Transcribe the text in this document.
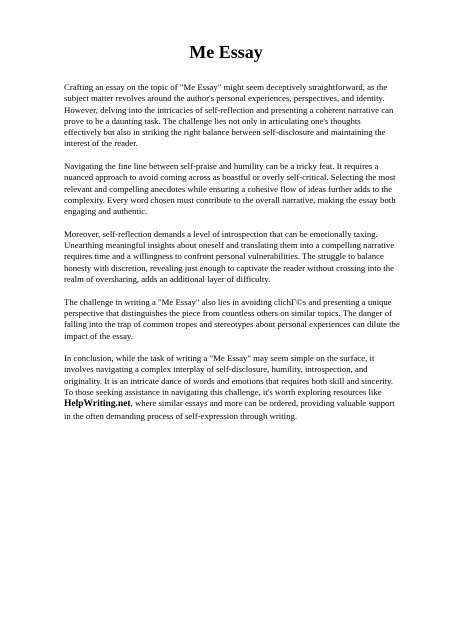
Me Essay

Crafting an essay on the topic of "Me Essay" might seem deceptively straightforward, as the subject matter revolves around the author's personal experiences, perspectives, and identity. However, delving into the intricacies of self-reflection and presenting a coherent narrative can prove to be a daunting task. The challenge lies not only in articulating one's thoughts effectively but also in striking the right balance between self-disclosure and maintaining the interest of the reader.

Navigating the fine line between self-praise and humility can be a tricky feat. It requires a nuanced approach to avoid coming across as boastful or overly self-critical. Selecting the most relevant and compelling anecdotes while ensuring a cohesive flow of ideas further adds to the complexity. Every word chosen must contribute to the overall narrative, making the essay both engaging and authentic.

Moreover, self-reflection demands a level of introspection that can be emotionally taxing. Unearthing meaningful insights about oneself and translating them into a compelling narrative requires time and a willingness to confront personal vulnerabilities. The struggle to balance honesty with discretion, revealing just enough to captivate the reader without crossing into the realm of oversharing, adds an additional layer of difficulty.

The challenge in writing a "Me Essay" also lies in avoiding clichГ©s and presenting a unique perspective that distinguishes the piece from countless others on similar topics. The danger of falling into the trap of common tropes and stereotypes about personal experiences can dilute the impact of the essay.

In conclusion, while the task of writing a "Me Essay" may seem simple on the surface, it involves navigating a complex interplay of self-disclosure, humility, introspection, and originality. It is an intricate dance of words and emotions that requires both skill and sincerity. To those seeking assistance in navigating this challenge, it's worth exploring resources like HelpWriting.net, where similar essays and more can be ordered, providing valuable support in the often demanding process of self-expression through writing.
